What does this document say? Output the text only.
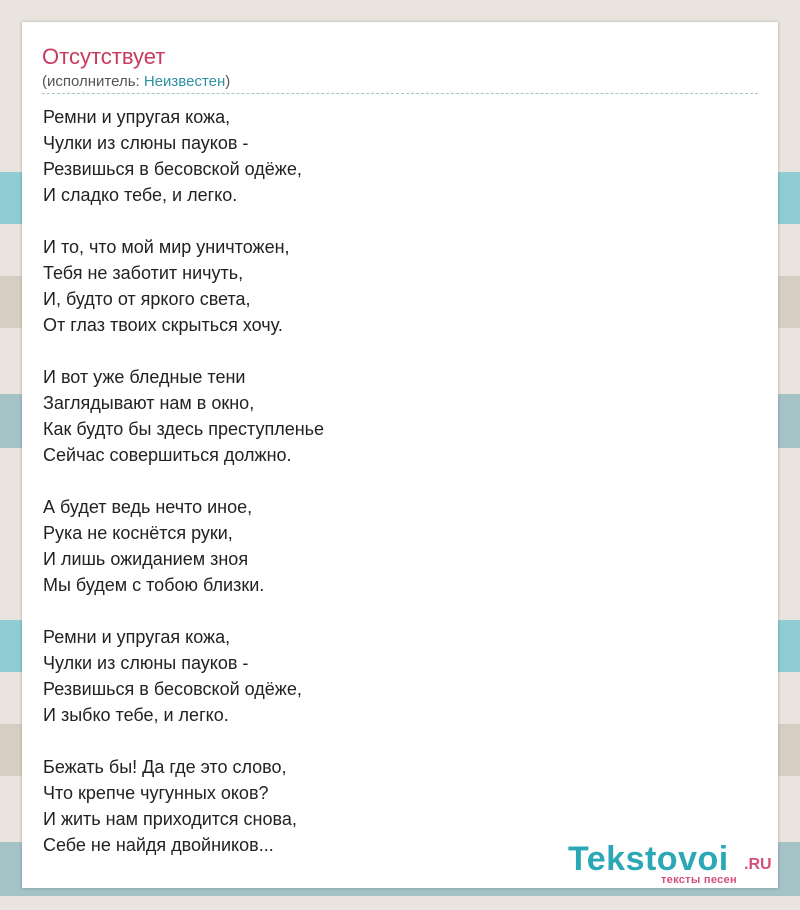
Отсутствует
(исполнитель: Неизвестен)
Ремни и упругая кожа,
Чулки из слюны пауков -
Резвишься в бесовской одёже,
И сладко тебе, и легко.
И то, что мой мир уничтожен,
Тебя не заботит ничуть,
И, будто от яркого света,
От глаз твоих скрыться хочу.
И вот уже бледные тени
Заглядывают нам в окно,
Как будто бы здесь преступленье
Сейчас совершиться должно.
А будет ведь нечто иное,
Рука не коснётся руки,
И лишь ожиданием зноя
Мы будем с тобою близки.
Ремни и упругая кожа,
Чулки из слюны пауков -
Резвишься в бесовской одёже,
И зыбко тебе, и легко.
Бежать бы! Да где это слово,
Что крепче чугунных оков?
И жить нам приходится снова,
Себе не найдя двойников...	Tekstovoi .RU
тексты песен
